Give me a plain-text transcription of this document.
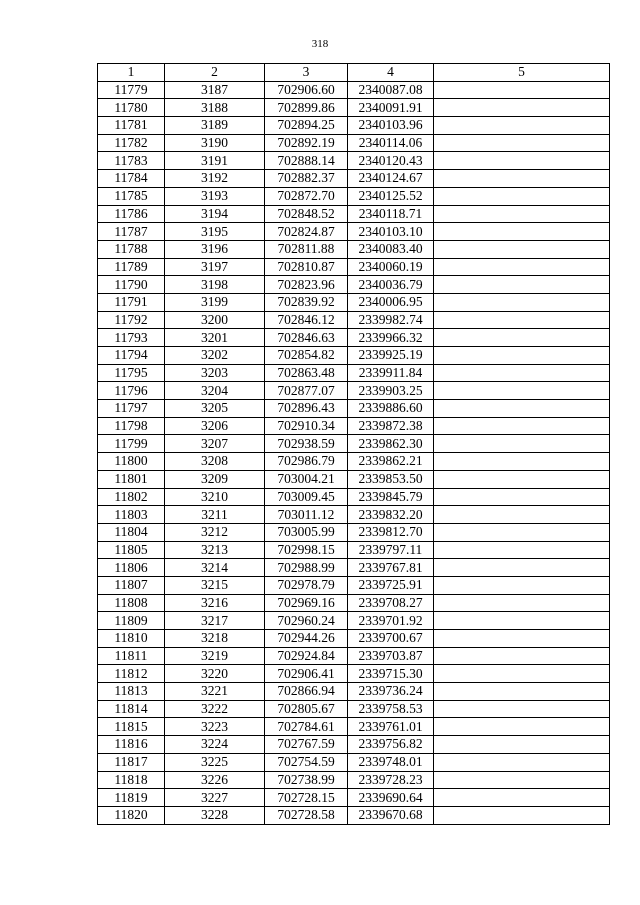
318
1	2	3	4	5
11779	3187	702906.60	2340087.08	
11780	3188	702899.86	2340091.91	
11781	3189	702894.25	2340103.96	
11782	3190	702892.19	2340114.06	
11783	3191	702888.14	2340120.43	
11784	3192	702882.37	2340124.67	
11785	3193	702872.70	2340125.52	
11786	3194	702848.52	2340118.71	
11787	3195	702824.87	2340103.10	
11788	3196	702811.88	2340083.40	
11789	3197	702810.87	2340060.19	
11790	3198	702823.96	2340036.79	
11791	3199	702839.92	2340006.95	
11792	3200	702846.12	2339982.74	
11793	3201	702846.63	2339966.32	
11794	3202	702854.82	2339925.19	
11795	3203	702863.48	2339911.84	
11796	3204	702877.07	2339903.25	
11797	3205	702896.43	2339886.60	
11798	3206	702910.34	2339872.38	
11799	3207	702938.59	2339862.30	
11800	3208	702986.79	2339862.21	
11801	3209	703004.21	2339853.50	
11802	3210	703009.45	2339845.79	
11803	3211	703011.12	2339832.20	
11804	3212	703005.99	2339812.70	
11805	3213	702998.15	2339797.11	
11806	3214	702988.99	2339767.81	
11807	3215	702978.79	2339725.91	
11808	3216	702969.16	2339708.27	
11809	3217	702960.24	2339701.92	
11810	3218	702944.26	2339700.67	
11811	3219	702924.84	2339703.87	
11812	3220	702906.41	2339715.30	
11813	3221	702866.94	2339736.24	
11814	3222	702805.67	2339758.53	
11815	3223	702784.61	2339761.01	
11816	3224	702767.59	2339756.82	
11817	3225	702754.59	2339748.01	
11818	3226	702738.99	2339728.23	
11819	3227	702728.15	2339690.64	
11820	3228	702728.58	2339670.68	
